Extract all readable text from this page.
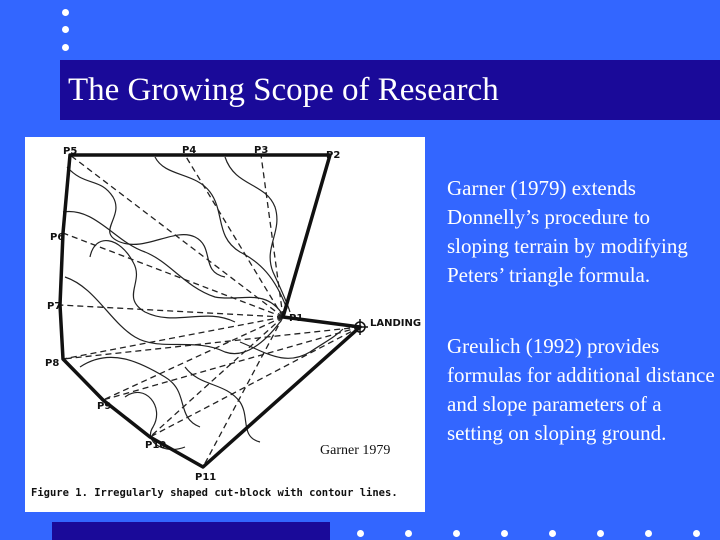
The Growing Scope of Research
P5	P4	P3	P2
P6
P7
P1
P8
P9
P10
P11
LANDING
Garner 1979
Figure 1. Irregularly shaped cut-block with contour lines.

Garner (1979) extends Donnelly’s procedure to sloping terrain by modifying Peters’ triangle formula.

Greulich (1992) provides formulas for additional distance and slope parameters of a setting on sloping ground.
